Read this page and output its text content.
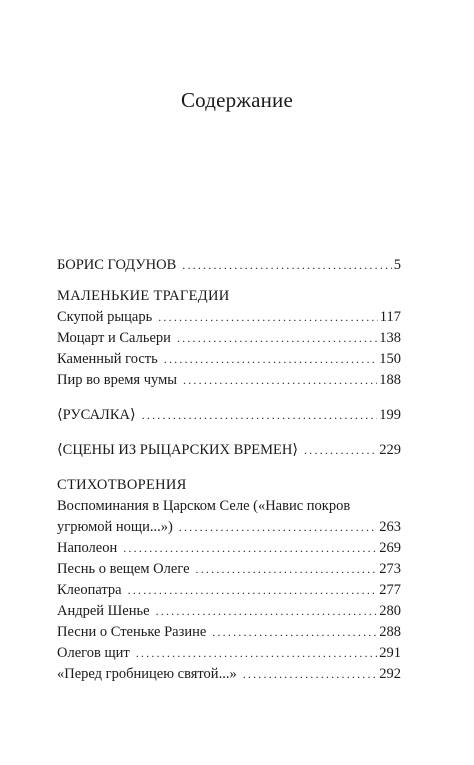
Содержание
БОРИС ГОДУНОВ . . .	5
МАЛЕНЬКИЕ ТРАГЕДИИ
Скупой рыцарь . . .	117
Моцарт и Сальери . . .	138
Каменный гость . . .	150
Пир во время чумы . . .	188
⟨РУСАЛКА⟩ . . .	199
⟨СЦЕНЫ ИЗ РЫЦАРСКИХ ВРЕМЕН⟩ . . .	229
СТИХОТВОРЕНИЯ
Воспоминания в Царском Селе («Навис покров
угрюмой нощи...») . . .	263
Наполеон . . .	269
Песнь о вещем Олеге . . .	273
Клеопатра . . .	277
Андрей Шенье . . .	280
Песни о Стеньке Разине . . .	288
Олегов щит . . .	291
«Перед гробницею святой...» . . .	292
